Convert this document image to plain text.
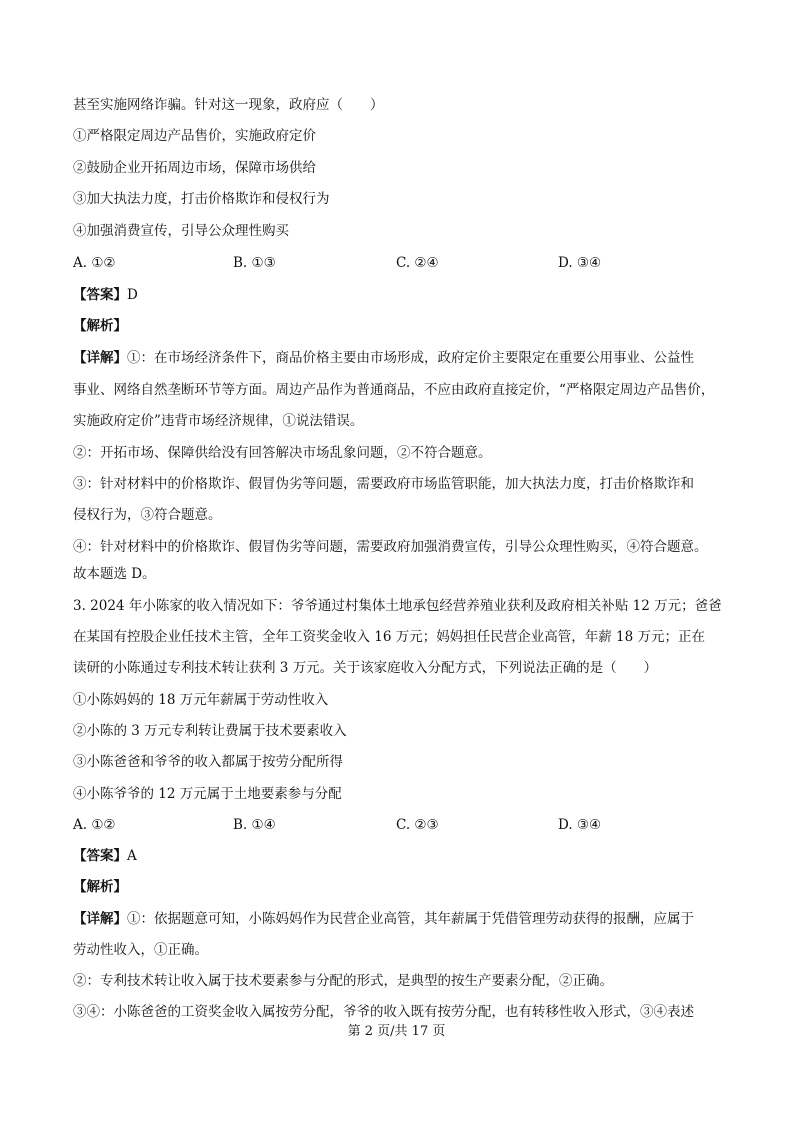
甚至实施网络诈骗。针对这一现象，政府应（　　）
①严格限定周边产品售价，实施政府定价
②鼓励企业开拓周边市场，保障市场供给
③加大执法力度，打击价格欺诈和侵权行为
④加强消费宣传，引导公众理性购买
A. ①②	B. ①③	C. ②④	D. ③④
【答案】D
【解析】
【详解】①：在市场经济条件下，商品价格主要由市场形成，政府定价主要限定在重要公用事业、公益性
事业、网络自然垄断环节等方面。周边产品作为普通商品，不应由政府直接定价，“严格限定周边产品售价，
实施政府定价”违背市场经济规律，①说法错误。
②：开拓市场、保障供给没有回答解决市场乱象问题，②不符合题意。
③：针对材料中的价格欺诈、假冒伪劣等问题，需要政府市场监管职能，加大执法力度，打击价格欺诈和
侵权行为，③符合题意。
④：针对材料中的价格欺诈、假冒伪劣等问题，需要政府加强消费宣传，引导公众理性购买，④符合题意。
故本题选 D。
3. 2024 年小陈家的收入情况如下：爷爷通过村集体土地承包经营养殖业获利及政府相关补贴 12 万元；爸爸
在某国有控股企业任技术主管，全年工资奖金收入 16 万元；妈妈担任民营企业高管，年薪 18 万元；正在
读研的小陈通过专利技术转让获利 3 万元。关于该家庭收入分配方式，下列说法正确的是（　　）
①小陈妈妈的 18 万元年薪属于劳动性收入
②小陈的 3 万元专利转让费属于技术要素收入
③小陈爸爸和爷爷的收入都属于按劳分配所得
④小陈爷爷的 12 万元属于土地要素参与分配
A. ①②	B. ①④	C. ②③	D. ③④
【答案】A
【解析】
【详解】①：依据题意可知，小陈妈妈作为民营企业高管，其年薪属于凭借管理劳动获得的报酬，应属于
劳动性收入，①正确。
②：专利技术转让收入属于技术要素参与分配的形式，是典型的按生产要素分配，②正确。
③④：小陈爸爸的工资奖金收入属按劳分配，爷爷的收入既有按劳分配，也有转移性收入形式，③④表述
第 2 页/共 17 页
